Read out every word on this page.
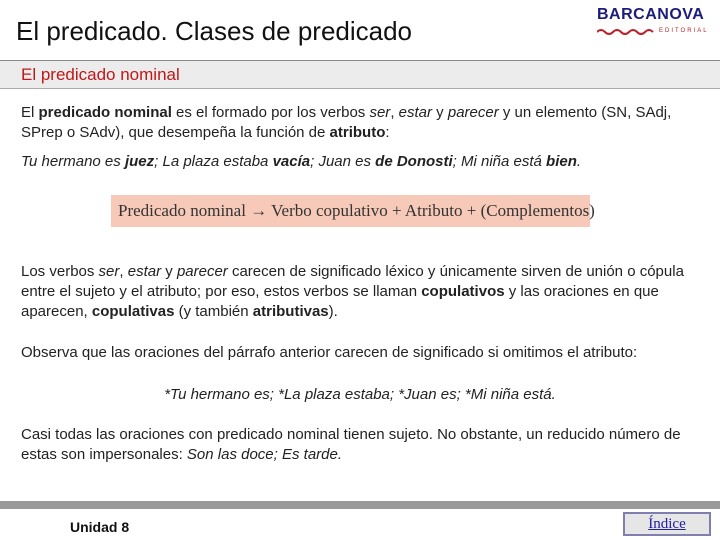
El predicado. Clases de predicado
BARCANOVA
EDITORIAL
El predicado nominal
El predicado nominal es el formado por los verbos ser, estar y parecer y un elemento (SN, SAdj, SPrep o SAdv), que desempeña la función de atributo:
Tu hermano es juez; La plaza estaba vacía; Juan es de Donosti; Mi niña está bien.
Predicado nominal → Verbo copulativo + Atributo + (Complementos)
Los verbos ser, estar y parecer carecen de significado léxico y únicamente sirven de unión o cópula entre el sujeto y el atributo; por eso, estos verbos se llaman copulativos y las oraciones en que aparecen, copulativas (y también atributivas).
Observa que las oraciones del párrafo anterior carecen de significado si omitimos el atributo:
*Tu hermano es; *La plaza estaba; *Juan es; *Mi niña está.
Casi todas las oraciones con predicado nominal tienen sujeto. No obstante, un reducido número de estas son impersonales: Son las doce; Es tarde.
Unidad 8	Índice
